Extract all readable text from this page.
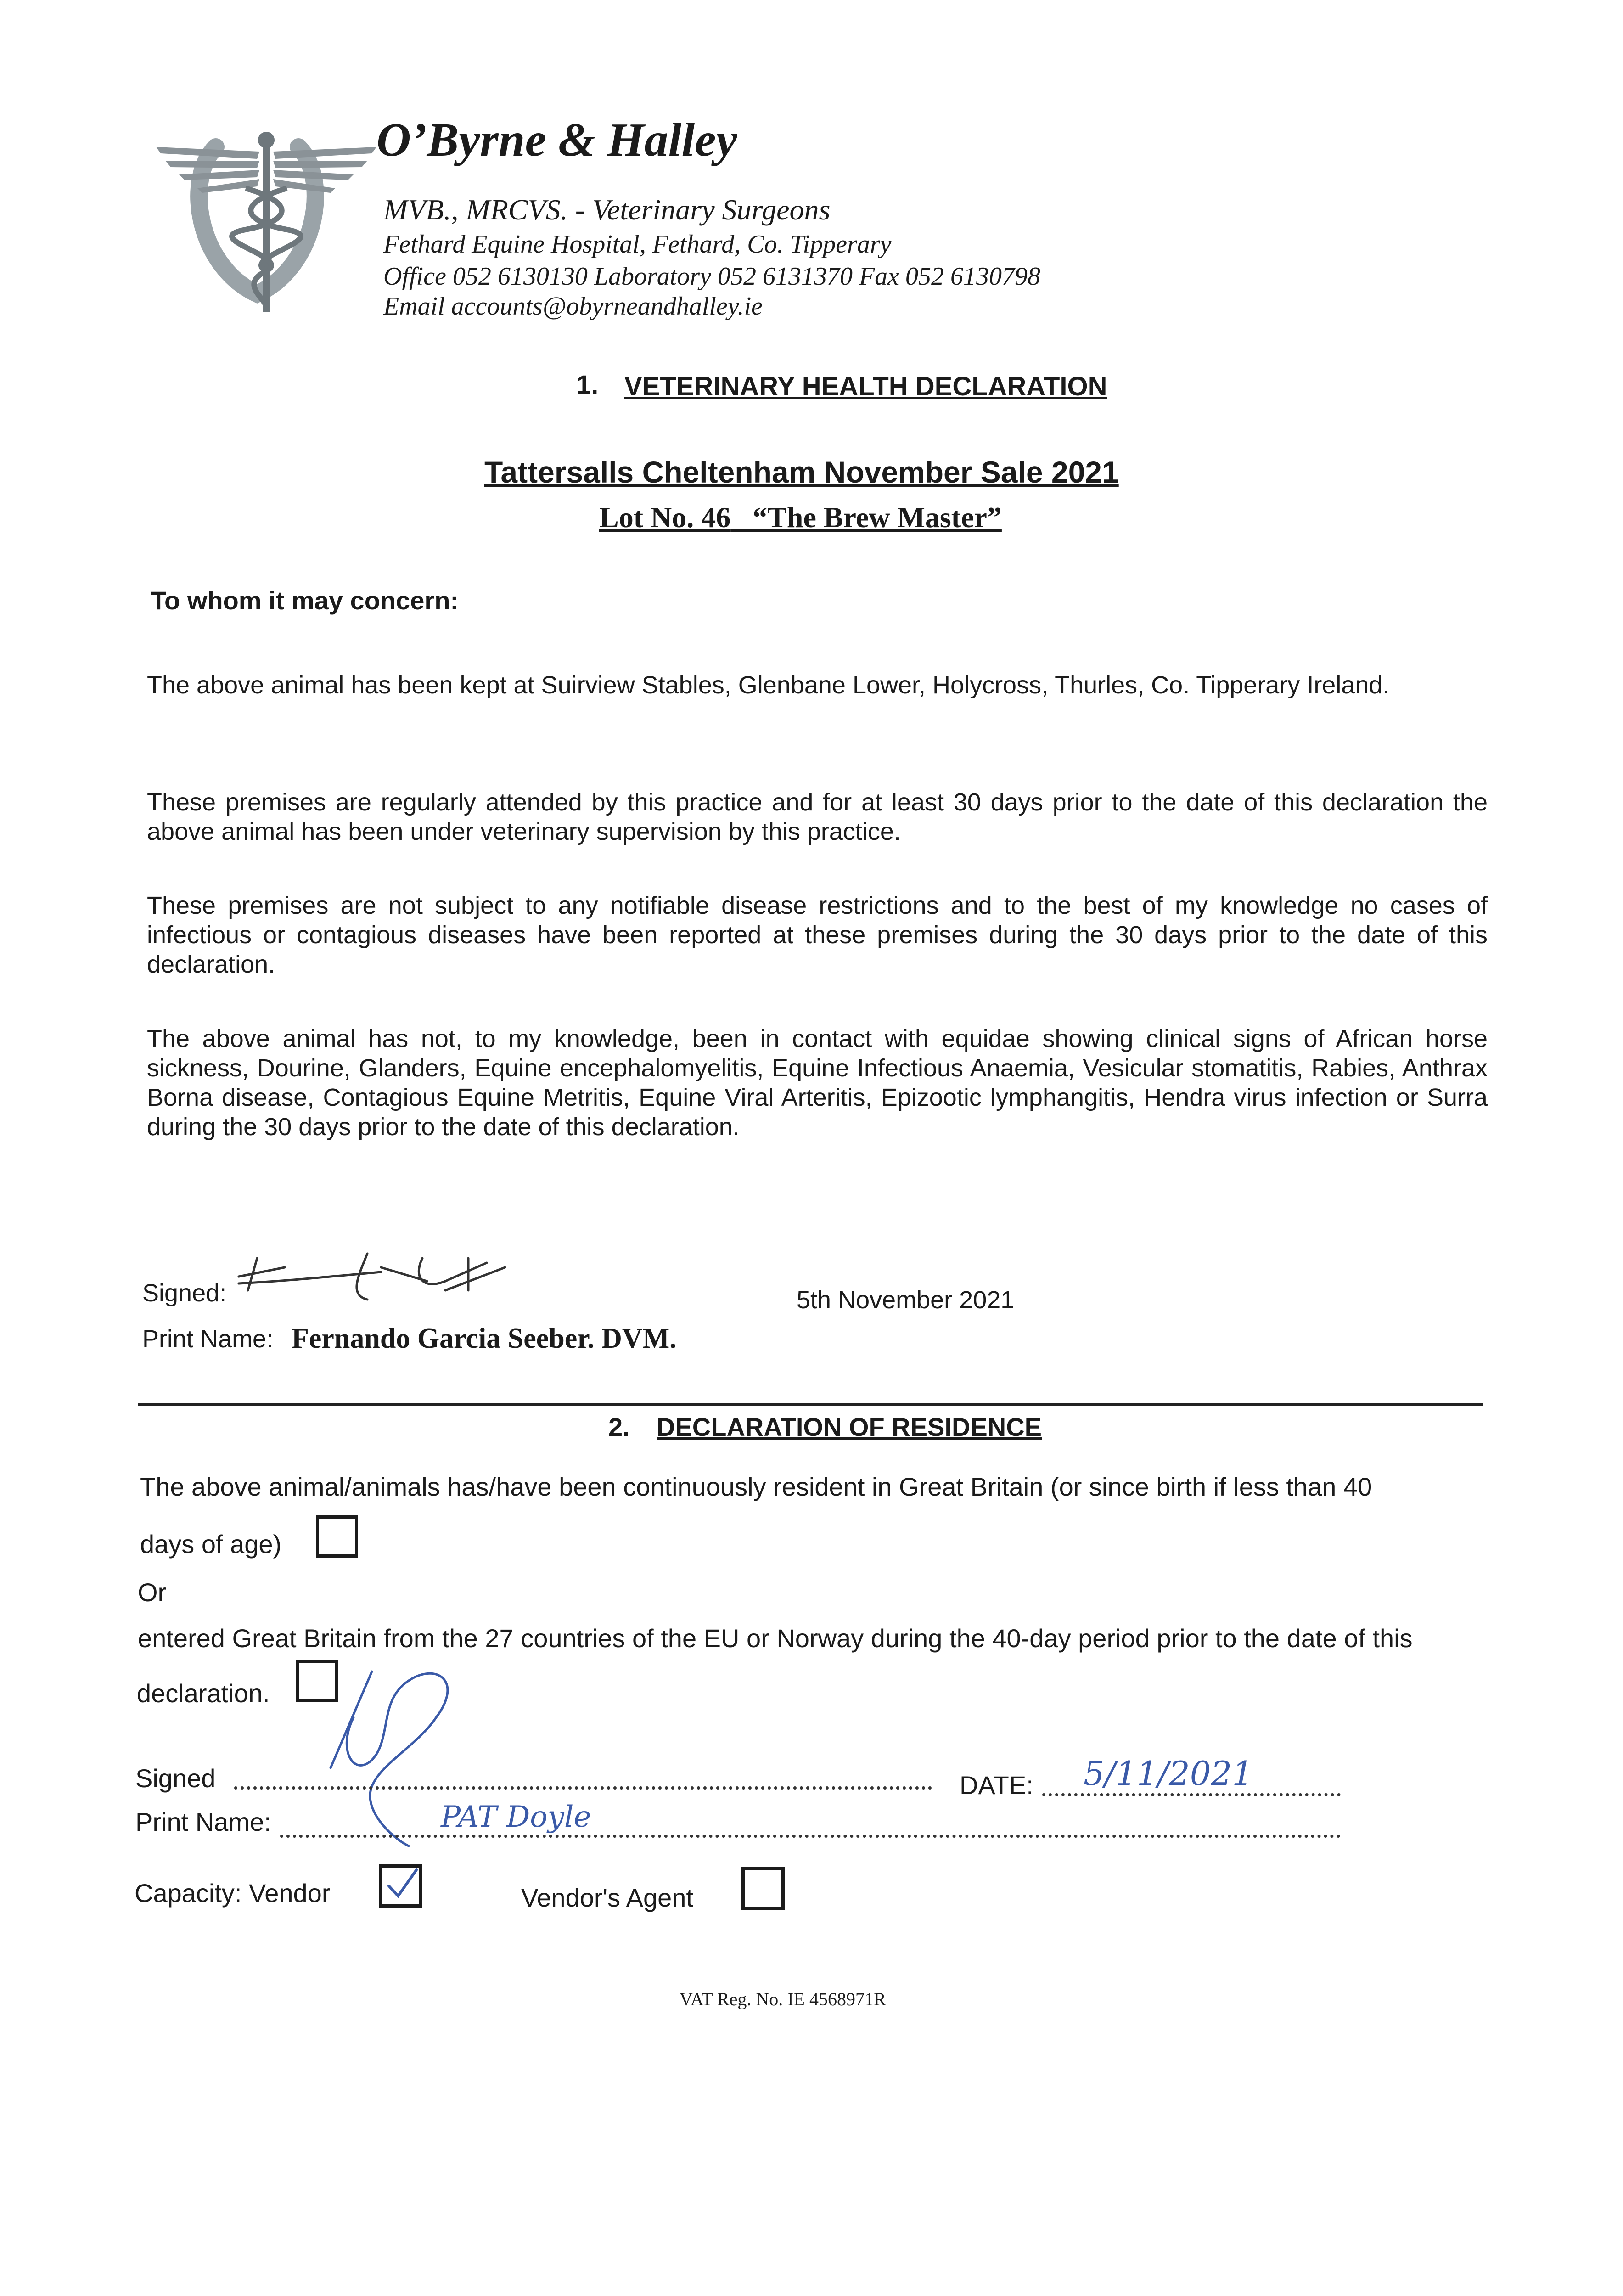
O’Byrne & Halley
MVB., MRCVS. - Veterinary Surgeons
Fethard Equine Hospital, Fethard, Co. Tipperary
Office 052 6130130 Laboratory 052 6131370 Fax 052 6130798
Email accounts@obyrneandhalley.ie
1. VETERINARY HEALTH DECLARATION
Tattersalls Cheltenham November Sale 2021
Lot No. 46 “The Brew Master”
To whom it may concern:
The above animal has been kept at Suirview Stables, Glenbane Lower, Holycross, Thurles, Co. Tipperary Ireland.
These premises are regularly attended by this practice and for at least 30 days prior to the date of this declaration the above animal has been under veterinary supervision by this practice.
These premises are not subject to any notifiable disease restrictions and to the best of my knowledge no cases of infectious or contagious diseases have been reported at these premises during the 30 days prior to the date of this declaration.
The above animal has not, to my knowledge, been in contact with equidae showing clinical signs of African horse sickness, Dourine, Glanders, Equine encephalomyelitis, Equine Infectious Anaemia, Vesicular stomatitis, Rabies, Anthrax Borna disease, Contagious Equine Metritis, Equine Viral Arteritis, Epizootic lymphangitis, Hendra virus infection or Surra during the 30 days prior to the date of this declaration.
Signed:	5th November 2021
Print Name: Fernando Garcia Seeber. DVM.
2. DECLARATION OF RESIDENCE
The above animal/animals has/have been continuously resident in Great Britain (or since birth if less than 40
days of age)
Or
entered Great Britain from the 27 countries of the EU or Norway during the 40-day period prior to the date of this
declaration.
Signed	DATE: 5/11/2021
Print Name:	PAT Doyle
Capacity: Vendor	Vendor's Agent
VAT Reg. No. IE 4568971R
